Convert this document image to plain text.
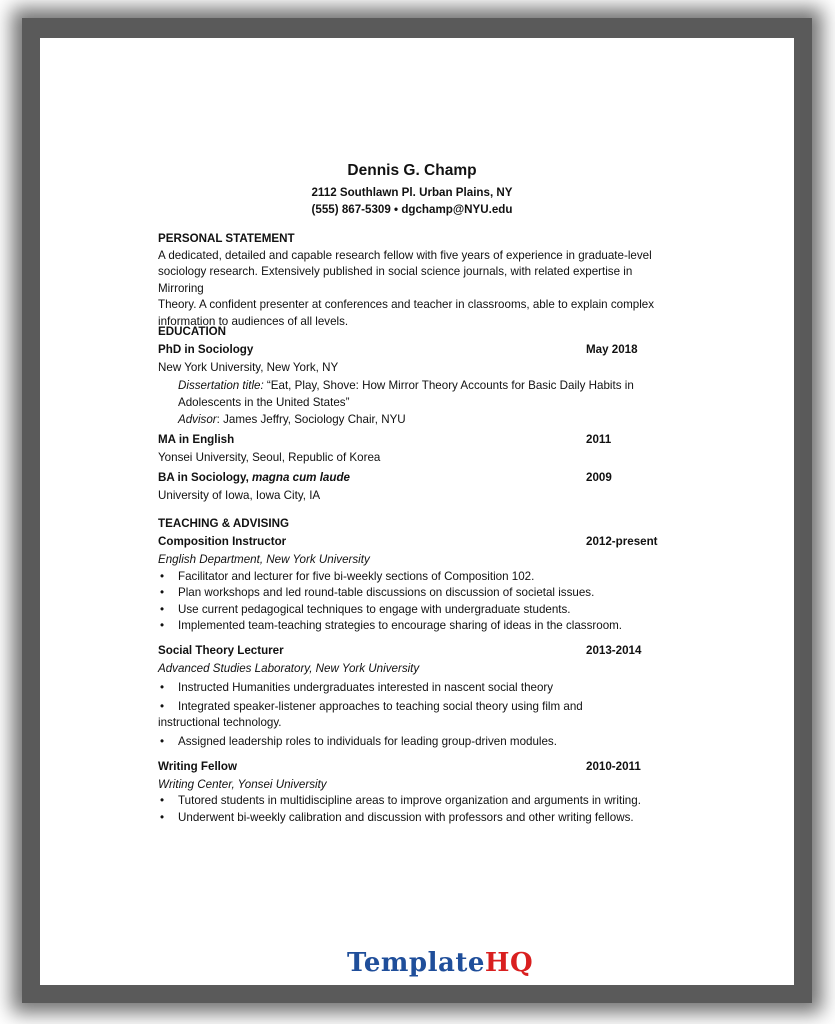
Dennis G. Champ
2112 Southlawn Pl. Urban Plains, NY
(555) 867-5309 • dgchamp@NYU.edu
PERSONAL STATEMENT
A dedicated, detailed and capable research fellow with five years of experience in graduate-level
sociology research. Extensively published in social science journals, with related expertise in Mirroring
Theory. A confident presenter at conferences and teacher in classrooms, able to explain complex
information to audiences of all levels.
EDUCATION
PhD in Sociology	May 2018
New York University, New York, NY
Dissertation title: “Eat, Play, Shove: How Mirror Theory Accounts for Basic Daily Habits in
Adolescents in the United States”
Advisor: James Jeffry, Sociology Chair, NYU
MA in English	2011
Yonsei University, Seoul, Republic of Korea
BA in Sociology, magna cum laude	2009
University of Iowa, Iowa City, IA
TEACHING & ADVISING
Composition Instructor	2012-present
English Department, New York University
• Facilitator and lecturer for five bi-weekly sections of Composition 102.
• Plan workshops and led round-table discussions on discussion of societal issues.
• Use current pedagogical techniques to engage with undergraduate students.
• Implemented team-teaching strategies to encourage sharing of ideas in the classroom.
Social Theory Lecturer	2013-2014
Advanced Studies Laboratory, New York University
• Instructed Humanities undergraduates interested in nascent social theory
• Integrated speaker-listener approaches to teaching social theory using film and
instructional technology.
• Assigned leadership roles to individuals for leading group-driven modules.
Writing Fellow	2010-2011
Writing Center, Yonsei University
• Tutored students in multidiscipline areas to improve organization and arguments in writing.
• Underwent bi-weekly calibration and discussion with professors and other writing fellows.
TemplateHQ
